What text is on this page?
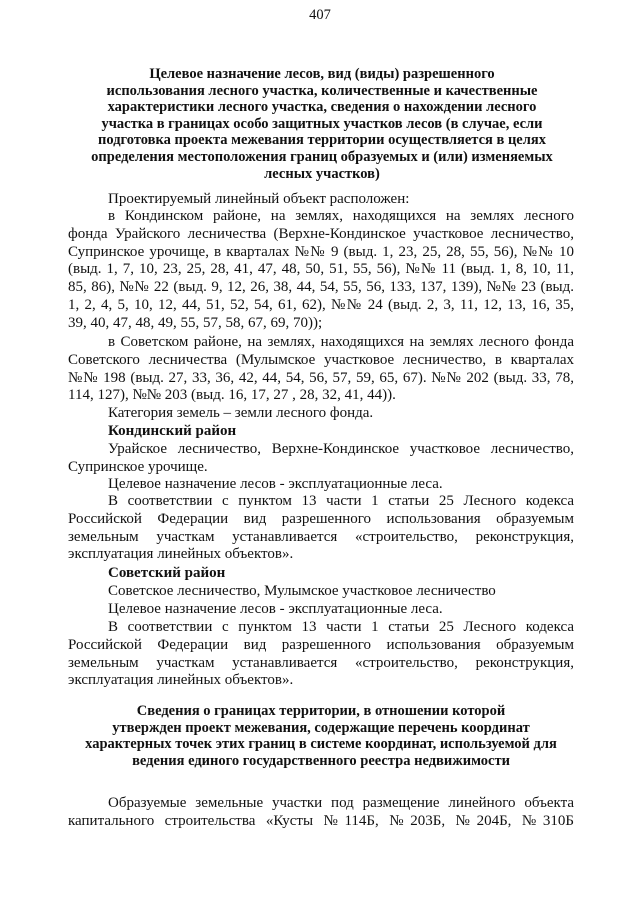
407
Целевое назначение лесов, вид (виды) разрешенного
использования лесного участка, количественные и качественные
характеристики лесного участка, сведения о нахождении лесного
участка в границах особо защитных участков лесов (в случае, если
подготовка проекта межевания территории осуществляется в целях
определения местоположения границ образуемых и (или) изменяемых
лесных участков)

Проектируемый линейный объект расположен:

в Кондинском районе, на землях, находящихся на землях лесного
фонда Урайского лесничества (Верхне-Кондинское участковое лесничество,
Супринское урочище, в кварталах №№ 9 (выд. 1, 23, 25, 28, 55, 56), №№ 10
(выд. 1, 7, 10, 23, 25, 28, 41, 47, 48, 50, 51, 55, 56), №№ 11 (выд. 1, 8, 10, 11,
85, 86), №№ 22 (выд. 9, 12, 26, 38, 44, 54, 55, 56, 133, 137, 139), №№ 23 (выд.
1, 2, 4, 5, 10, 12, 44, 51, 52, 54, 61, 62), №№ 24 (выд. 2, 3, 11, 12, 13, 16, 35,
39, 40, 47, 48, 49, 55, 57, 58, 67, 69, 70));

в Советском районе, на землях, находящихся на землях лесного фонда
Советского лесничества (Мулымское участковое лесничество, в кварталах
№№ 198 (выд. 27, 33, 36, 42, 44, 54, 56, 57, 59, 65, 67). №№ 202 (выд. 33, 78,
114, 127), №№ 203 (выд. 16, 17, 27 , 28, 32, 41, 44)).

Категория земель – земли лесного фонда.

Кондинский район

Урайское лесничество, Верхне-Кондинское участковое лесничество,
Супринское урочище.

Целевое назначение лесов - эксплуатационные леса.

В соответствии с пунктом 13 части 1 статьи 25 Лесного кодекса
Российской Федерации вид разрешенного использования образуемым
земельным участкам устанавливается «строительство, реконструкция,
эксплуатация линейных объектов».

Советский район

Советское лесничество, Мулымское участковое лесничество

Целевое назначение лесов - эксплуатационные леса.

В соответствии с пунктом 13 части 1 статьи 25 Лесного кодекса
Российской Федерации вид разрешенного использования образуемым
земельным участкам устанавливается «строительство, реконструкция,
эксплуатация линейных объектов».

Сведения о границах территории, в отношении которой
утвержден проект межевания, содержащие перечень координат
характерных точек этих границ в системе координат, используемой для
ведения единого государственного реестра недвижимости

Образуемые земельные участки под размещение линейного объекта
капитального строительства «Кусты №114Б, №203Б, №204Б, №310Б
